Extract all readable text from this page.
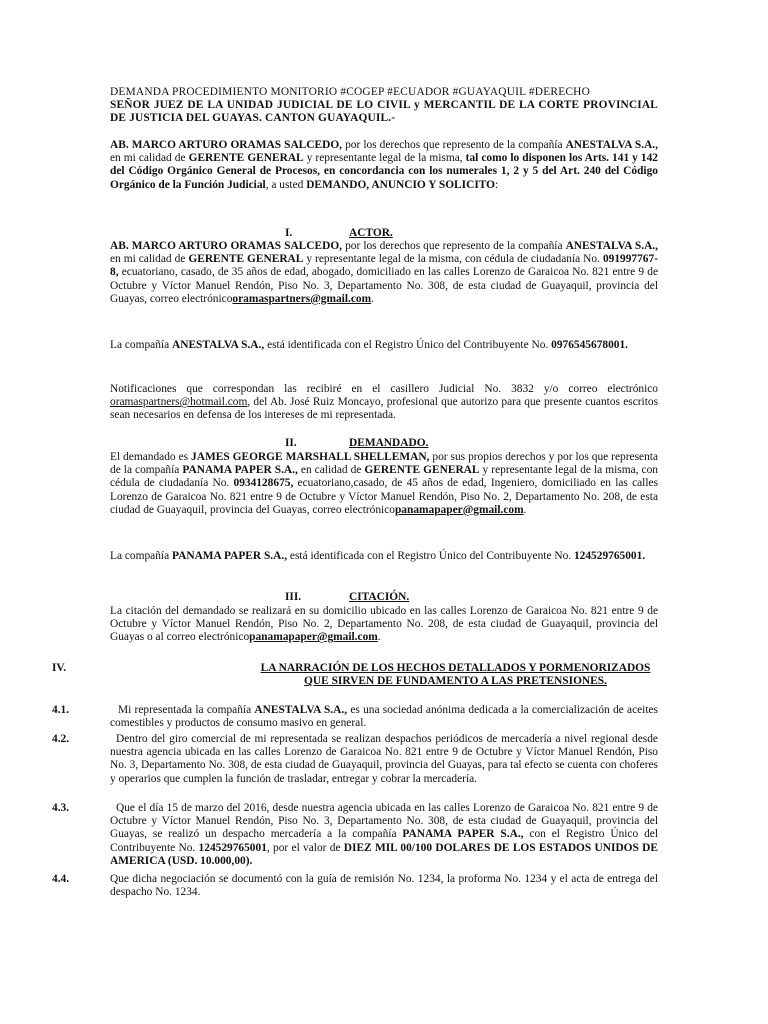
DEMANDA PROCEDIMIENTO MONITORIO #COGEP #ECUADOR #GUAYAQUIL #DERECHO
SEÑOR JUEZ DE LA UNIDAD JUDICIAL DE LO CIVIL y MERCANTIL DE LA CORTE PROVINCIAL DE JUSTICIA DEL GUAYAS. CANTON GUAYAQUIL.-

AB. MARCO ARTURO ORAMAS SALCEDO, por los derechos que represento de la compañía ANESTALVA S.A., en mi calidad de GERENTE GENERAL y representante legal de la misma, tal como lo disponen los Arts. 141 y 142 del Código Orgánico General de Procesos, en concordancia con los numerales 1, 2 y 5 del Art. 240 del Código Orgánico de la Función Judicial, a usted DEMANDO, ANUNCIO Y SOLICITO:

I.	ACTOR.

AB. MARCO ARTURO ORAMAS SALCEDO, por los derechos que represento de la compañía ANESTALVA S.A., en mi calidad de GERENTE GENERAL y representante legal de la misma, con cédula de ciudadanía No. 091997767-8, ecuatoriano, casado, de 35 años de edad, abogado, domiciliado en las calles Lorenzo de Garaicoa No. 821 entre 9 de Octubre y Víctor Manuel Rendón, Piso No. 3, Departamento No. 308, de esta ciudad de Guayaquil, provincia del Guayas, correo electrónicooramaspartners@gmail.com.

La compañía ANESTALVA S.A., está identificada con el Registro Único del Contribuyente No. 0976545678001.

Notificaciones que correspondan las recibiré en el casillero Judicial No. 3832 y/o correo electrónico oramaspartners@hotmail.com, del Ab. José Ruiz Moncayo, profesional que autorizo para que presente cuantos escritos sean necesarios en defensa de los intereses de mi representada.

II.	DEMANDADO.

El demandado es JAMES GEORGE MARSHALL SHELLEMAN, por sus propios derechos y por los que representa de la compañía PANAMA PAPER S.A., en calidad de GERENTE GENERAL y representante legal de la misma, con cédula de ciudadanía No. 0934128675, ecuatoriano,casado, de 45 años de edad, Ingeniero, domiciliado en las calles Lorenzo de Garaicoa No. 821 entre 9 de Octubre y Víctor Manuel Rendón, Piso No. 2, Departamento No. 208, de esta ciudad de Guayaquil, provincia del Guayas, correo electrónicopanamapaper@gmail.com.

La compañía PANAMA PAPER S.A., está identificada con el Registro Único del Contribuyente No. 124529765001.

III.	CITACIÓN.

La citación del demandado se realizará en su domicilio ubicado en las calles Lorenzo de Garaicoa No. 821 entre 9 de Octubre y Víctor Manuel Rendón, Piso No. 2, Departamento No. 208, de esta ciudad de Guayaquil, provincia del Guayas o al correo electrónicopanamapaper@gmail.com.

IV.	LA NARRACIÓN DE LOS HECHOS DETALLADOS Y PORMENORIZADOS QUE SIRVEN DE FUNDAMENTO A LAS PRETENSIONES.
4.1.	Mi representada la compañía ANESTALVA S.A., es una sociedad anónima dedicada a la comercialización de aceites comestibles y productos de consumo masivo en general.
4.2.	Dentro del giro comercial de mi representada se realizan despachos periódicos de mercadería a nivel regional desde nuestra agencia ubicada en las calles Lorenzo de Garaicoa No. 821 entre 9 de Octubre y Víctor Manuel Rendón, Piso No. 3, Departamento No. 308, de esta ciudad de Guayaquil, provincia del Guayas, para tal efecto se cuenta con choferes y operarios que cumplen la función de trasladar, entregar y cobrar la mercadería.
4.3.	Que el día 15 de marzo del 2016, desde nuestra agencia ubicada en las calles Lorenzo de Garaicoa No. 821 entre 9 de Octubre y Víctor Manuel Rendón, Piso No. 3, Departamento No. 308, de esta ciudad de Guayaquil, provincia del Guayas, se realizó un despacho mercadería a la compañía PANAMA PAPER S.A., con el Registro Único del Contribuyente No. 124529765001, por el valor de DIEZ MIL 00/100 DOLARES DE LOS ESTADOS UNIDOS DE AMERICA (USD. 10.000,00).
4.4.	Que dicha negociación se documentó con la guía de remisión No. 1234, la proforma No. 1234 y el acta de entrega del despacho No. 1234.
